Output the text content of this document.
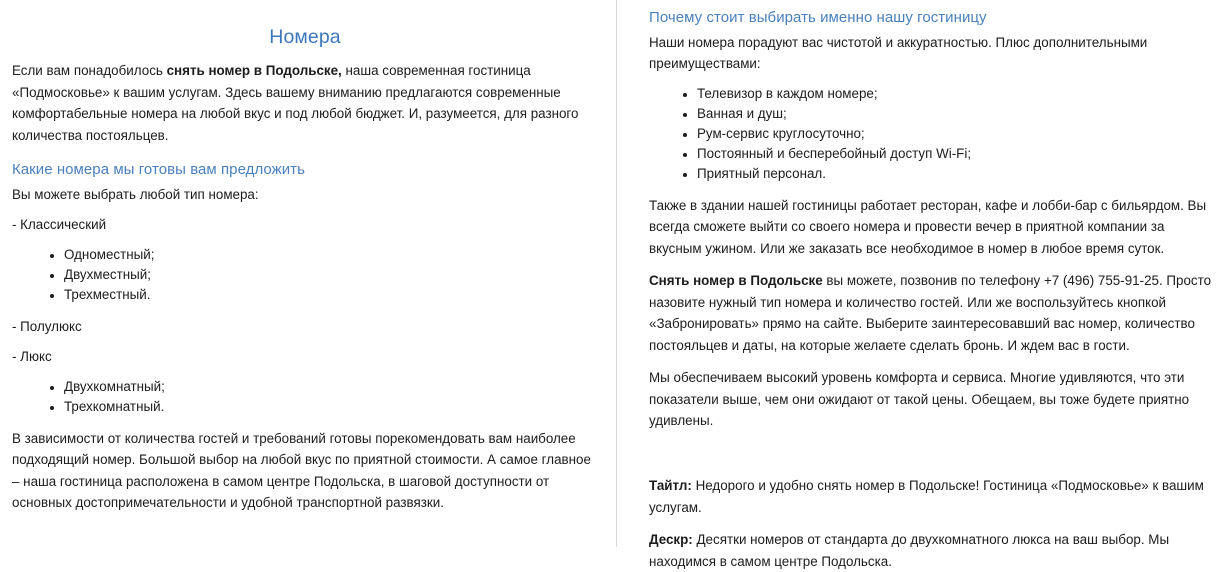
Номера

Если вам понадобилось снять номер в Подольске, наша современная гостиница «Подмосковье» к вашим услугам. Здесь вашему вниманию предлагаются современные комфортабельные номера на любой вкус и под любой бюджет. И, разумеется, для разного количества постояльцев.

Какие номера мы готовы вам предложить

Вы можете выбрать любой тип номера:

- Классический

• Одноместный;
• Двухместный;
• Трехместный.

- Полулюкс

- Люкс

• Двухкомнатный;
• Трехкомнатный.

В зависимости от количества гостей и требований готовы порекомендовать вам наиболее подходящий номер. Большой выбор на любой вкус по приятной стоимости. А самое главное – наша гостиница расположена в самом центре Подольска, в шаговой доступности от основных достопримечательности и удобной транспортной развязки.

Почему стоит выбирать именно нашу гостиницу

Наши номера порадуют вас чистотой и аккуратностью. Плюс дополнительными преимуществами:

• Телевизор в каждом номере;
• Ванная и душ;
• Рум-сервис круглосуточно;
• Постоянный и бесперебойный доступ Wi-Fi;
• Приятный персонал.

Также в здании нашей гостиницы работает ресторан, кафе и лобби-бар с бильярдом. Вы всегда сможете выйти со своего номера и провести вечер в приятной компании за вкусным ужином. Или же заказать все необходимое в номер в любое время суток.

Снять номер в Подольске вы можете, позвонив по телефону +7 (496) 755-91-25. Просто назовите нужный тип номера и количество гостей. Или же воспользуйтесь кнопкой «Забронировать» прямо на сайте. Выберите заинтересовавший вас номер, количество постояльцев и даты, на которые желаете сделать бронь. И ждем вас в гости.

Мы обеспечиваем высокий уровень комфорта и сервиса. Многие удивляются, что эти показатели выше, чем они ожидают от такой цены. Обещаем, вы тоже будете приятно удивлены.

Тайтл: Недорого и удобно снять номер в Подольске! Гостиница «Подмосковье» к вашим услугам.

Дескр: Десятки номеров от стандарта до двухкомнатного люкса на ваш выбор. Мы находимся в самом центре Подольска.
